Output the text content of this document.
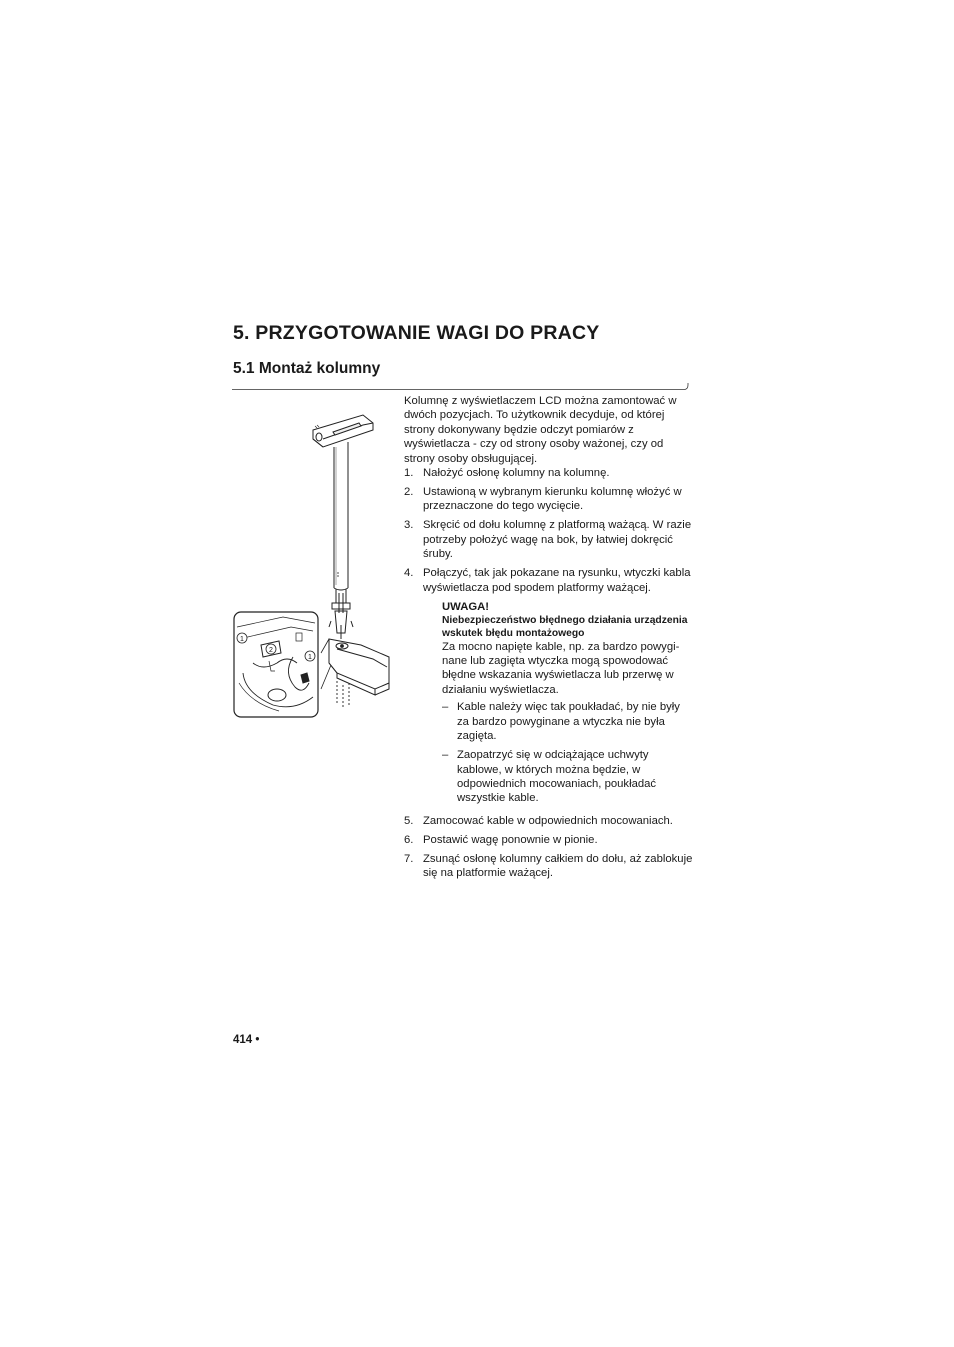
5. PRZYGOTOWANIE WAGI DO PRACY
5.1 Montaż kolumny
1
2
1

Kolumnę z wyświetlaczem LCD można zamontować w dwóch pozycjach. To użytkownik decyduje, od której strony dokonywany będzie odczyt pomiarów z wyświetlacza - czy od strony osoby ważonej, czy od strony osoby obsługującej.

1. Nałożyć osłonę kolumny na kolumnę.
2. Ustawioną w wybranym kierunku kolumnę włożyć w przeznaczone do tego wycięcie.
3. Skręcić od dołu kolumnę z platformą ważącą. W razie potrzeby położyć wagę na bok, by łatwiej dokręcić śruby.
4. Połączyć, tak jak pokazane na rysunku, wtyczki kabla wyświetlacza pod spodem platformy ważącej.
UWAGA!
Niebezpieczeństwo błędnego działania urządzenia wskutek błędu montażowego

Za mocno napięte kable, np. za bardzo powygi-nane lub zagięta wtyczka mogą spowodować błędne wskazania wyświetlacza lub przerwę w działaniu wyświetlacza.

– Kable należy więc tak poukładać, by nie były za bardzo powyginane a wtyczka nie była zagięta.
– Zaopatrzyć się w odciążające uchwyty kablowe, w których można będzie, w odpowiednich mocowaniach, poukładać wszystkie kable.
5. Zamocować kable w odpowiednich mocowaniach.
6. Postawić wagę ponownie w pionie.
7. Zsunąć osłonę kolumny całkiem do dołu, aż zablokuje się na platformie ważącej.
414 •
